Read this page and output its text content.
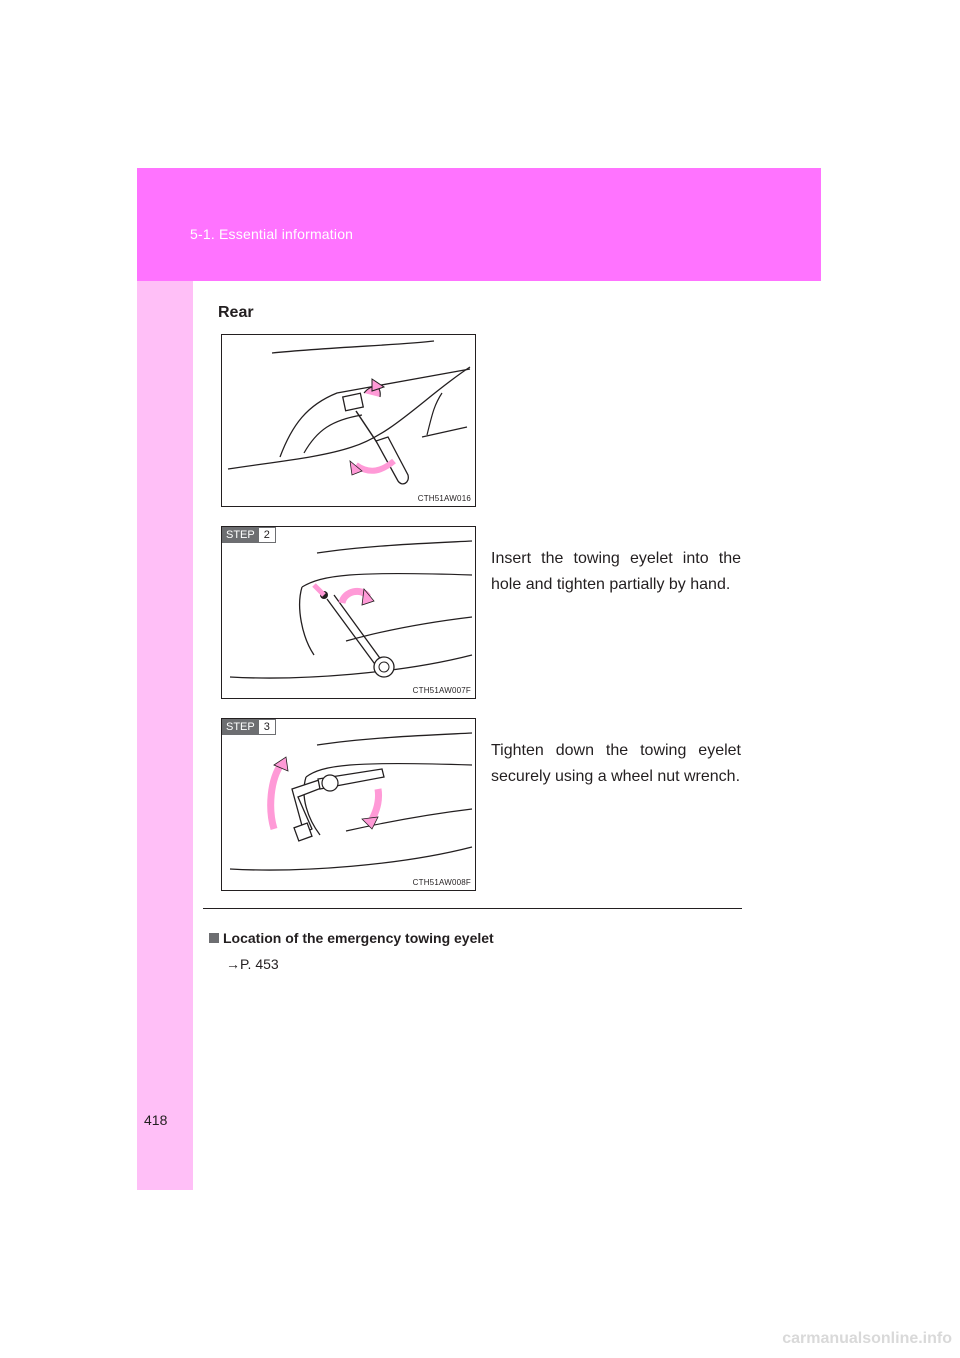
5-1. Essential information
Rear
CTH51AW016
STEP 2
CTH51AW007F
Insert the towing eyelet into the hole and tighten partially by hand.
STEP 3
CTH51AW008F
Tighten down the towing eyelet securely using a wheel nut wrench.
Location of the emergency towing eyelet
→P. 453
418
carmanualsonline.info
